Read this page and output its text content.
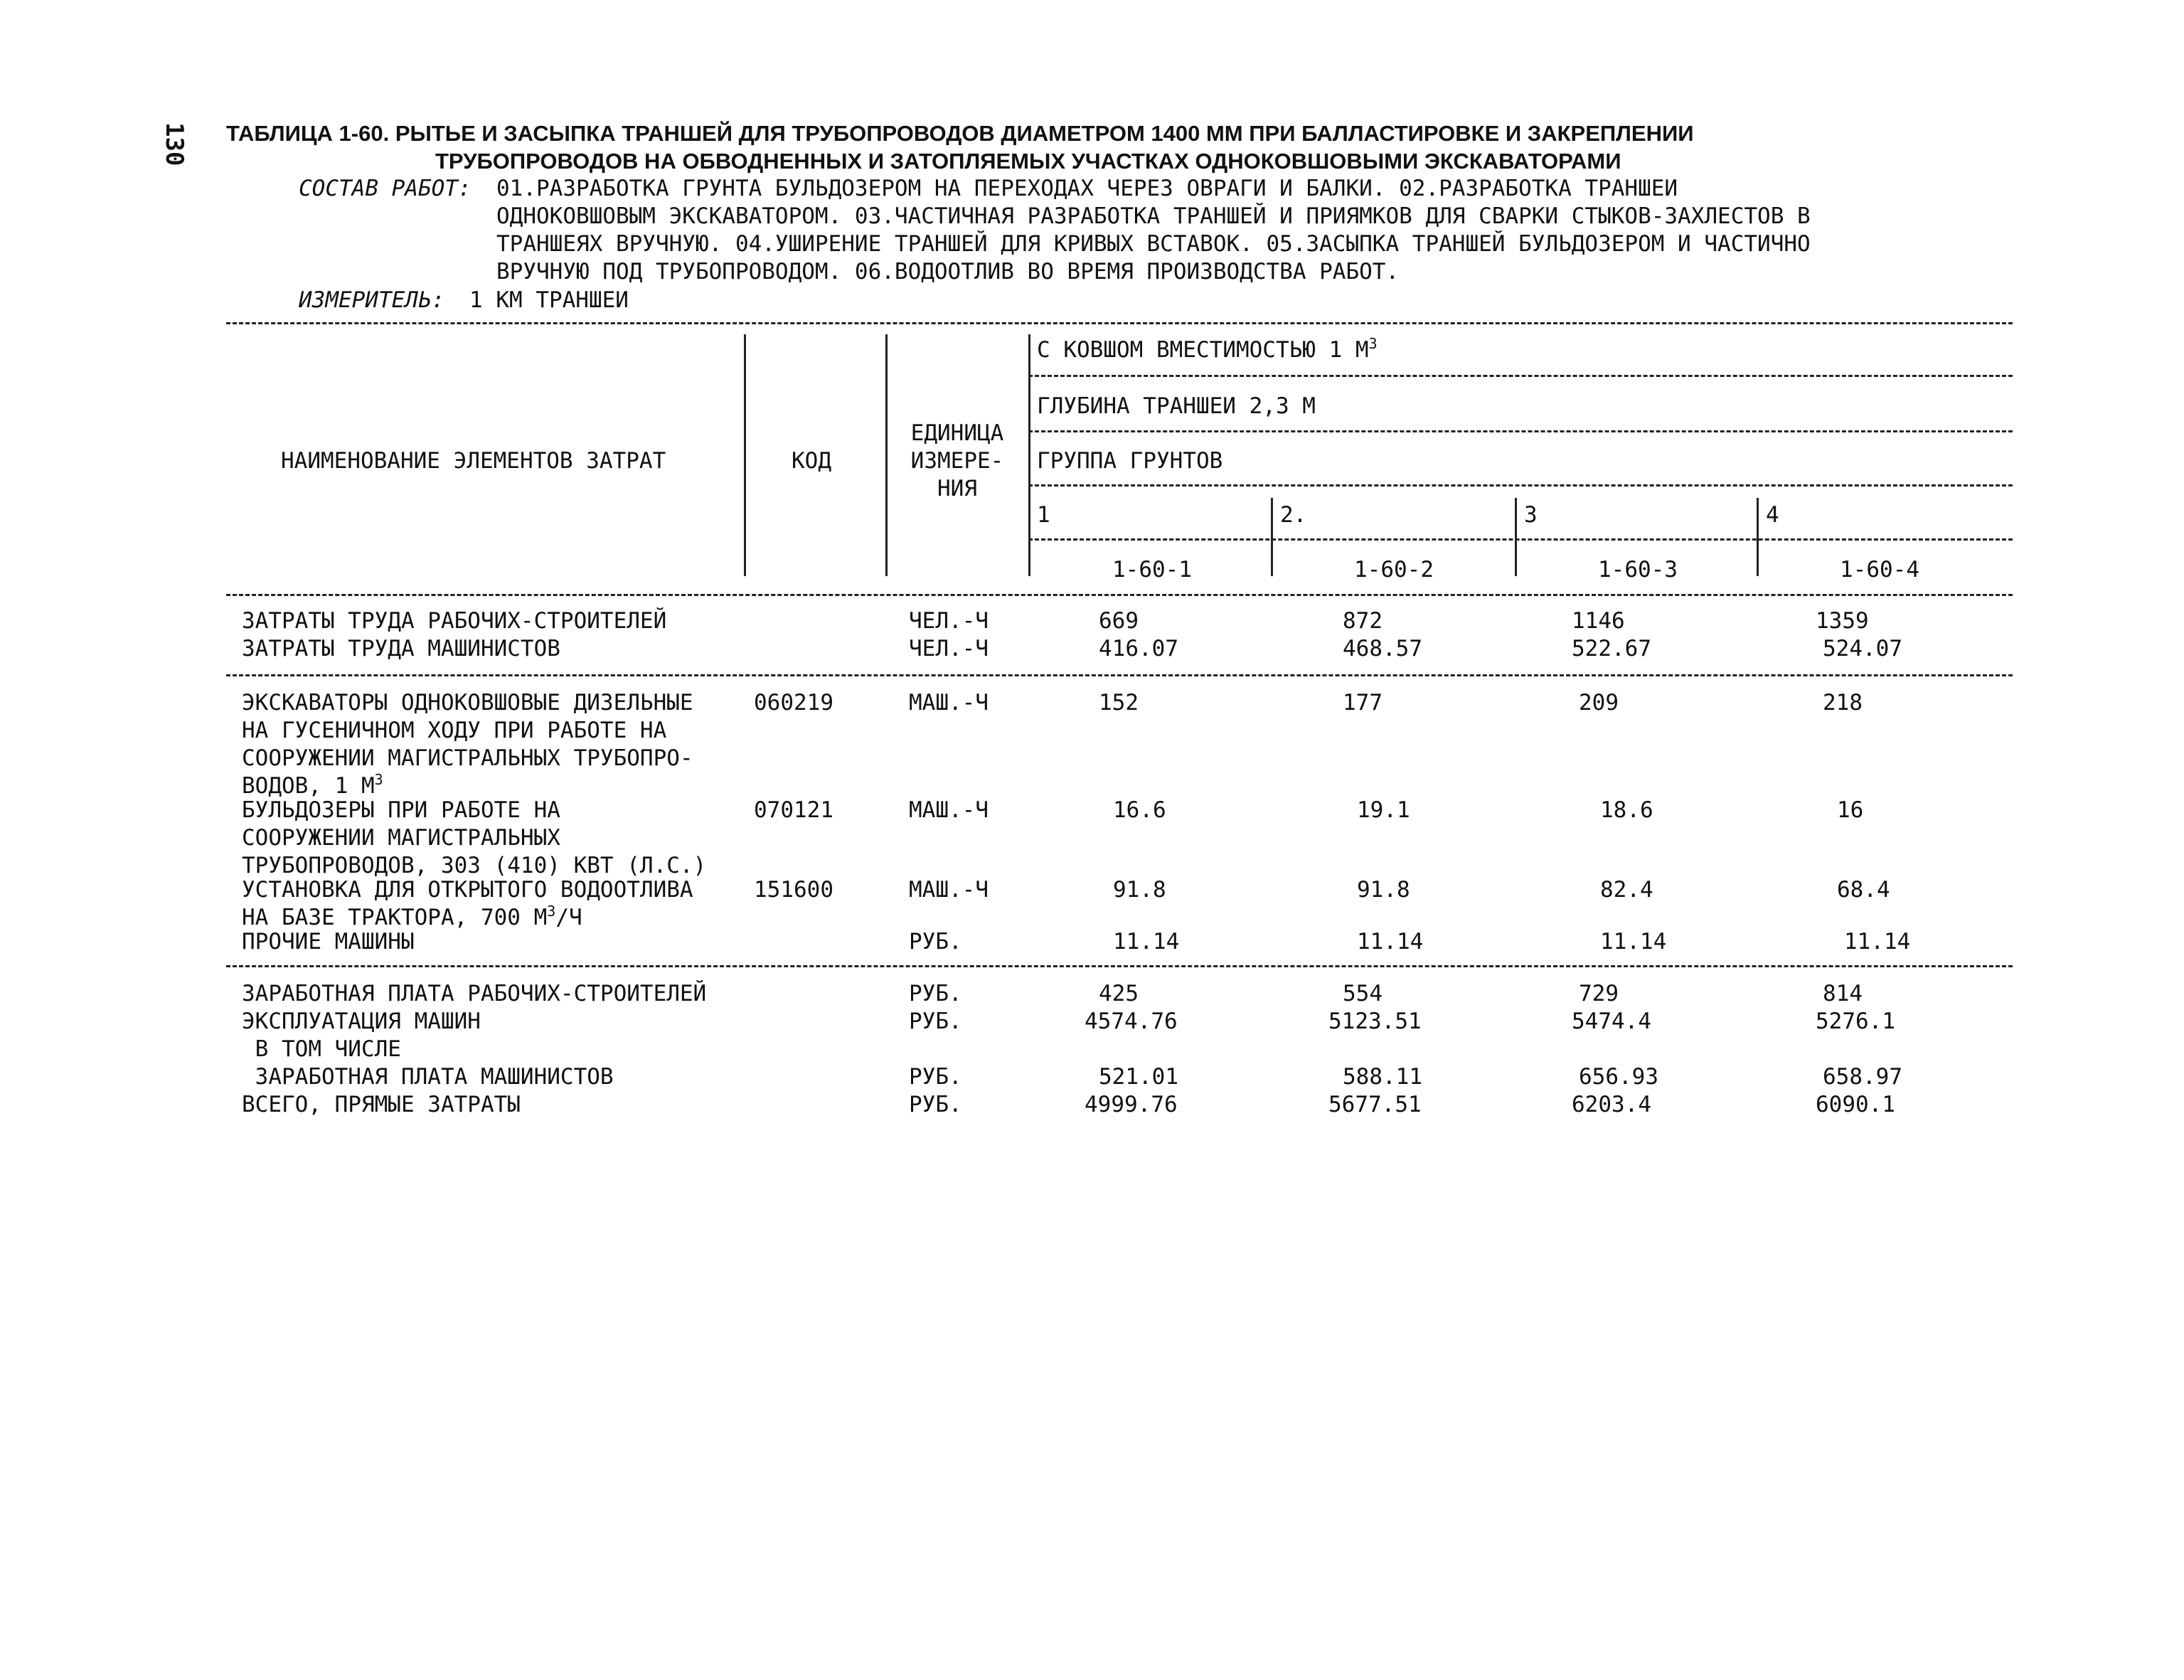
130 ТАБЛИЦА 1-60. РЫТЬЕ И ЗАСЫПКА ТРАНШЕЙ ДЛЯ ТРУБОПРОВОДОВ ДИАМЕТРОМ 1400 ММ ПРИ БАЛЛАСТИРОВКЕ И ЗАКРЕПЛЕНИИ
ТРУБОПРОВОДОВ НА ОБВОДНЕННЫХ И ЗАТОПЛЯЕМЫХ УЧАСТКАХ ОДНОКОВШОВЫМИ ЭКСКАВАТОРАМИ
СОСТАВ РАБОТ: 01.РАЗРАБОТКА ГРУНТА БУЛЬДОЗЕРОМ НА ПЕРЕХОДАХ ЧЕРЕЗ ОВРАГИ И БАЛКИ. 02.РАЗРАБОТКА ТРАНШЕИ
ОДНОКОВШОВЫМ ЭКСКАВАТОРОМ. 03.ЧАСТИЧНАЯ РАЗРАБОТКА ТРАНШЕЙ И ПРИЯМКОВ ДЛЯ СВАРКИ СТЫКОВ-ЗАХЛЕСТОВ В
ТРАНШЕЯХ ВРУЧНУЮ. 04.УШИРЕНИЕ ТРАНШЕЙ ДЛЯ КРИВЫХ ВСТАВОК. 05.ЗАСЫПКА ТРАНШЕЙ БУЛЬДОЗЕРОМ И ЧАСТИЧНО
ВРУЧНУЮ ПОД ТРУБОПРОВОДОМ. 06.ВОДООТЛИВ ВО ВРЕМЯ ПРОИЗВОДСТВА РАБОТ.
ИЗМЕРИТЕЛЬ: 1 КМ ТРАНШЕИ
НАИМЕНОВАНИЕ ЭЛЕМЕНТОВ ЗАТРАТ	КОД
ЕДИНИЦА
ИЗМЕРЕ-
НИЯ
С КОВШОМ ВМЕСТИМОСТЬЮ 1 $М^3$
ГЛУБИНА ТРАНШЕИ 2,3 М
ГРУППА ГРУНТОВ
1	2.	3	4
1-60-1	1-60-2	1-60-3	1-60-4
ЗАТРАТЫ ТРУДА РАБОЧИХ-СТРОИТЕЛЕЙ	ЧЕЛ.-Ч	669	872	1146	1359
ЗАТРАТЫ ТРУДА МАШИНИСТОВ	ЧЕЛ.-Ч	416.07	468.57	522.67	524.07
ЭКСКАВАТОРЫ ОДНОКОВШОВЫЕ ДИЗЕЛЬНЫЕ
НА ГУСЕНИЧНОМ ХОДУ ПРИ РАБОТЕ НА
СООРУЖЕНИИ МАГИСТРАЛЬНЫХ ТРУБОПРО-
ВОДОВ, 1 $М^3$
060219	МАШ.-Ч	152	177	209	218
БУЛЬДОЗЕРЫ ПРИ РАБОТЕ НА
СООРУЖЕНИИ МАГИСТРАЛЬНЫХ
ТРУБОПРОВОДОВ, 303 (410) КВТ (Л.С.)
070121	МАШ.-Ч	16.6	19.1	18.6	16
УСТАНОВКА ДЛЯ ОТКРЫТОГО ВОДООТЛИВА
НА БАЗЕ ТРАКТОРА, 700 $М^3/Ч$
151600	МАШ.-Ч	91.8	91.8	82.4	68.4
ПРОЧИЕ МАШИНЫ	РУБ.	11.14	11.14	11.14	11.14
ЗАРАБОТНАЯ ПЛАТА РАБОЧИХ-СТРОИТЕЛЕЙ	РУБ.	425	554	729	814
ЭКСПЛУАТАЦИЯ МАШИН	РУБ.	4574.76	5123.51	5474.4	5276.1
В ТОМ ЧИСЛЕ
ЗАРАБОТНАЯ ПЛАТА МАШИНИСТОВ	РУБ.	521.01	588.11	656.93	658.97
ВСЕГО, ПРЯМЫЕ ЗАТРАТЫ	РУБ.	4999.76	5677.51	6203.4	6090.1
